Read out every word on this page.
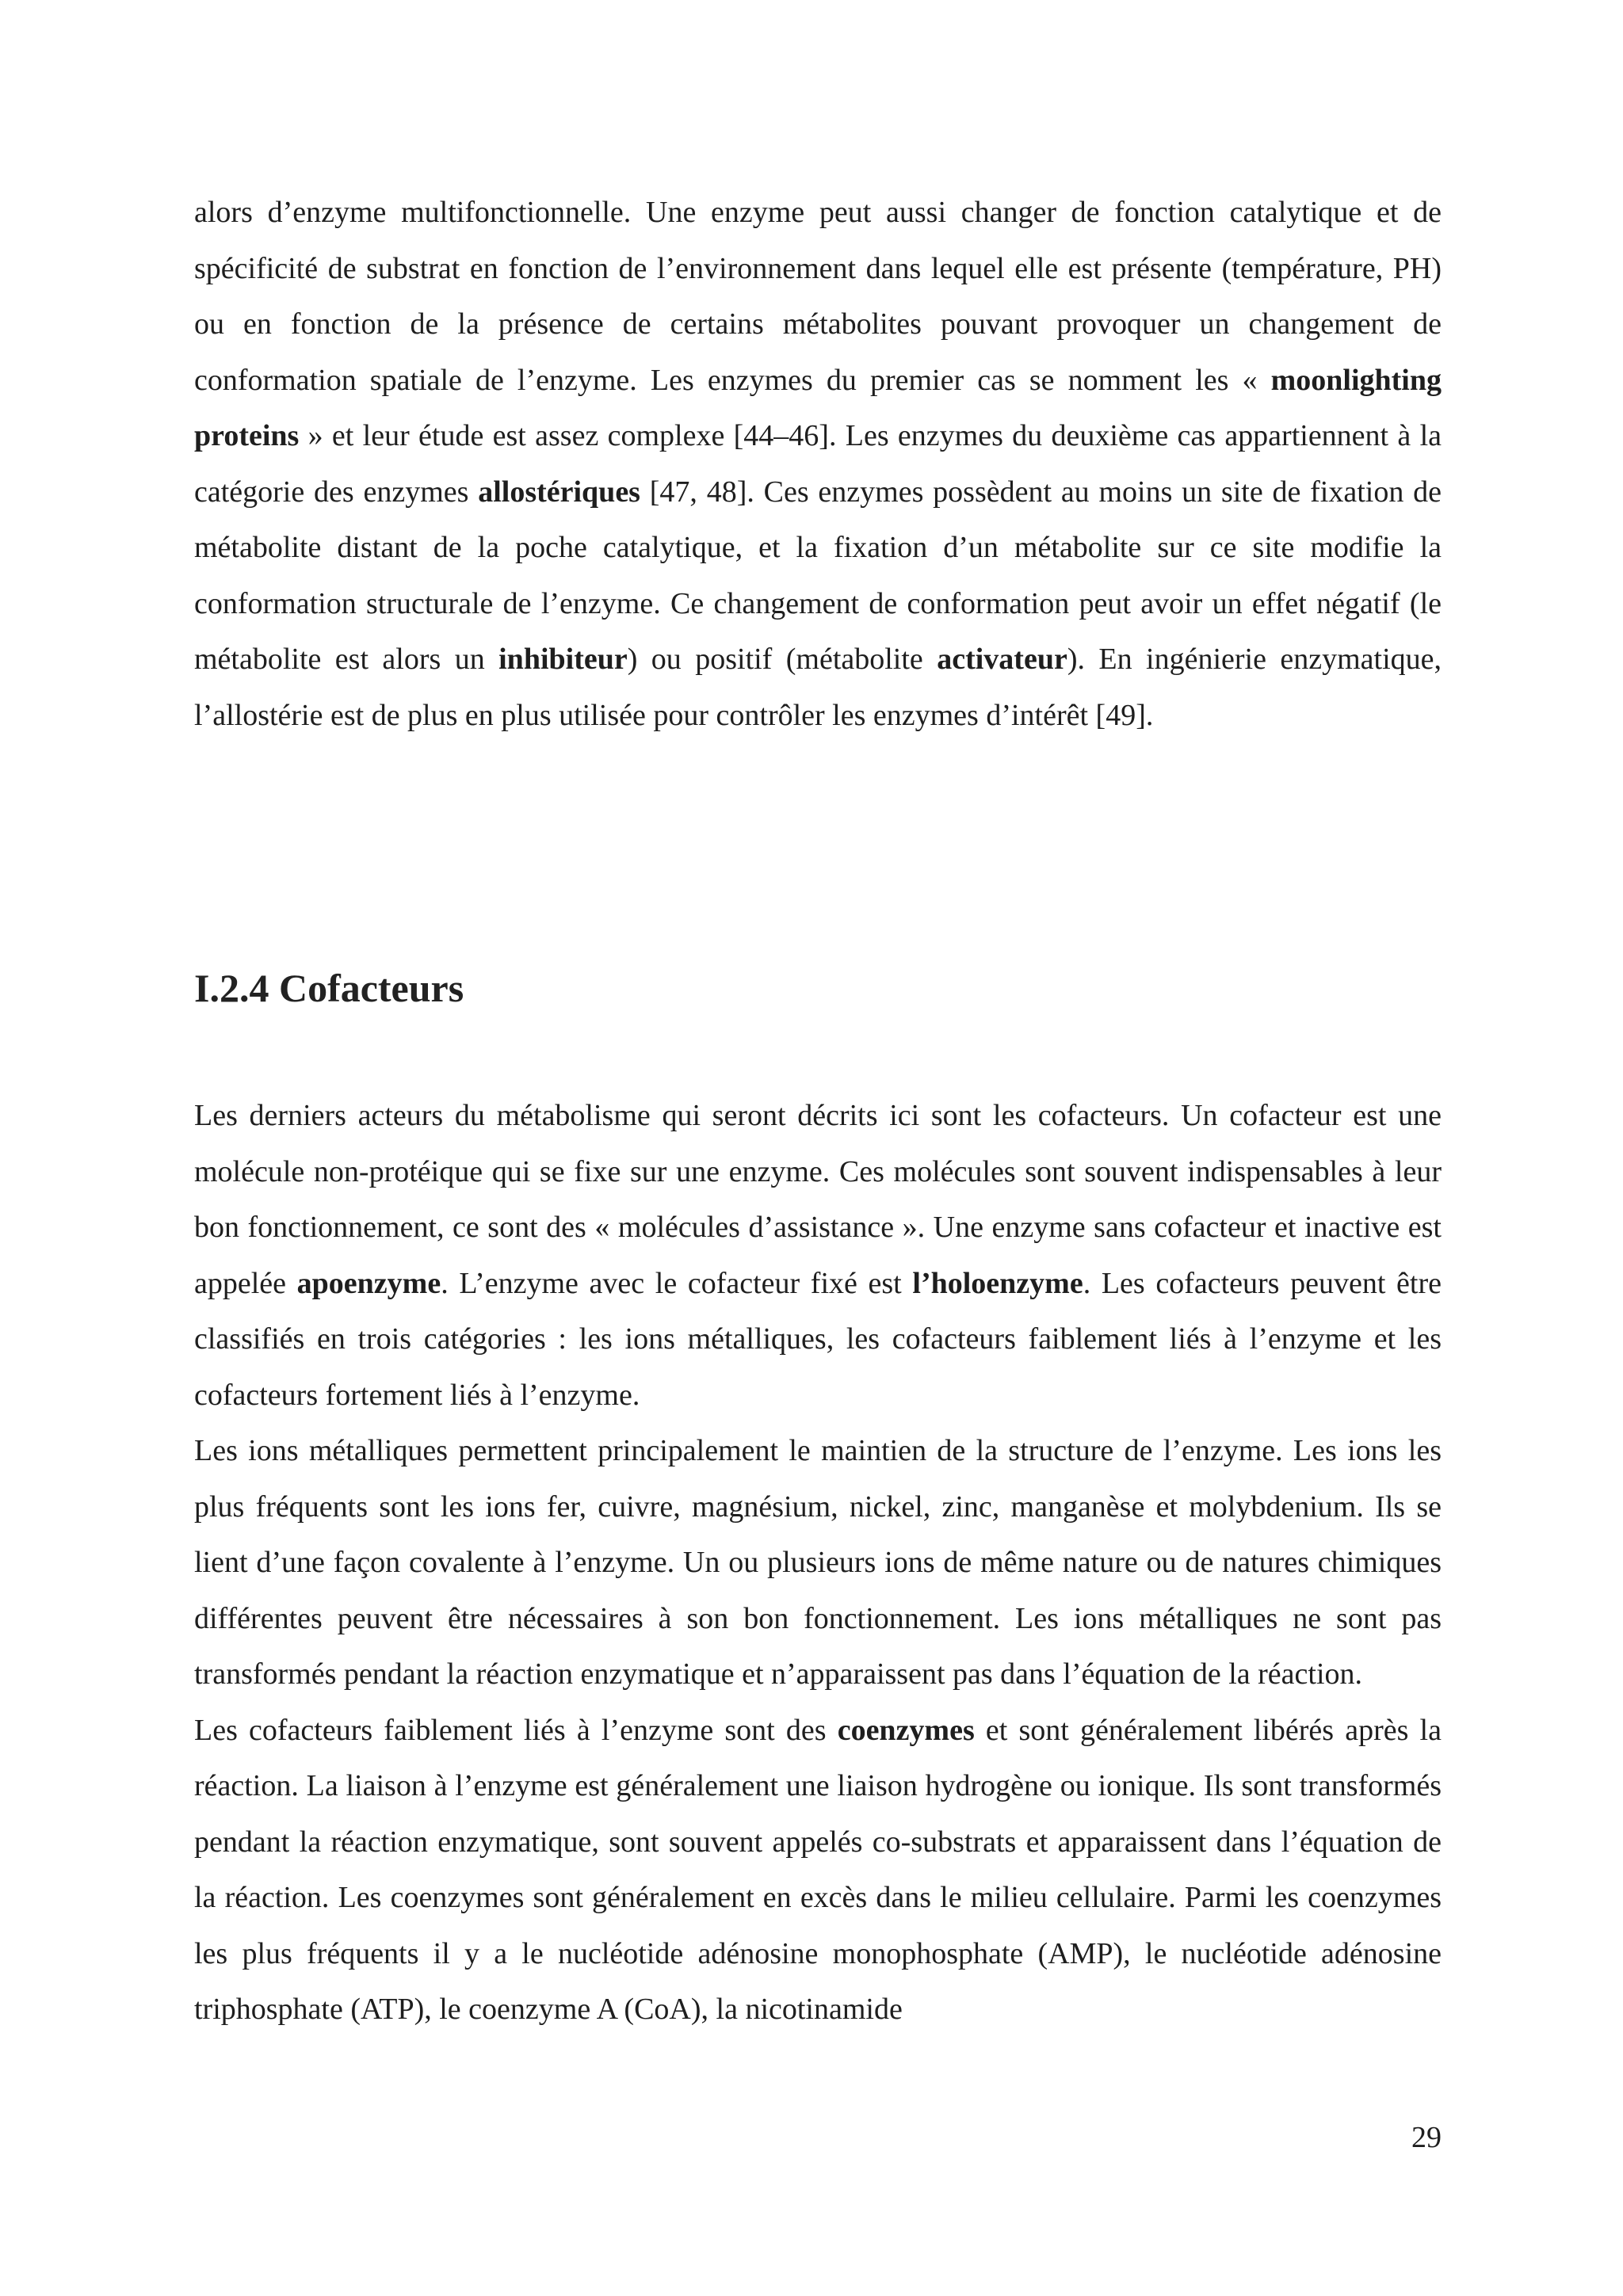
alors d’enzyme multifonctionnelle. Une enzyme peut aussi changer de fonction catalytique et de spécificité de substrat en fonction de l’environnement dans lequel elle est présente (température, PH) ou en fonction de la présence de certains métabolites pouvant provoquer un changement de conformation spatiale de l’enzyme. Les enzymes du premier cas se nomment les « moonlighting proteins » et leur étude est assez complexe [44–46]. Les enzymes du deuxième cas appartiennent à la catégorie des enzymes allostériques [47, 48]. Ces enzymes possèdent au moins un site de fixation de métabolite distant de la poche catalytique, et la fixation d’un métabolite sur ce site modifie la conformation structurale de l’enzyme. Ce changement de conformation peut avoir un effet négatif (le métabolite est alors un inhibiteur) ou positif (métabolite activateur). En ingénierie enzymatique, l’allostérie est de plus en plus utilisée pour contrôler les enzymes d’intérêt [49].

I.2.4 Cofacteurs

Les derniers acteurs du métabolisme qui seront décrits ici sont les cofacteurs. Un cofacteur est une molécule non-protéique qui se fixe sur une enzyme. Ces molécules sont souvent indispensables à leur bon fonctionnement, ce sont des « molécules d’assistance ». Une enzyme sans cofacteur et inactive est appelée apoenzyme. L’enzyme avec le cofacteur fixé est l’holoenzyme. Les cofacteurs peuvent être classifiés en trois catégories : les ions métalliques, les cofacteurs faiblement liés à l’enzyme et les cofacteurs fortement liés à l’enzyme.

Les ions métalliques permettent principalement le maintien de la structure de l’enzyme. Les ions les plus fréquents sont les ions fer, cuivre, magnésium, nickel, zinc, manganèse et molybdenium. Ils se lient d’une façon covalente à l’enzyme. Un ou plusieurs ions de même nature ou de natures chimiques différentes peuvent être nécessaires à son bon fonctionnement. Les ions métalliques ne sont pas transformés pendant la réaction enzymatique et n’apparaissent pas dans l’équation de la réaction.

Les cofacteurs faiblement liés à l’enzyme sont des coenzymes et sont généralement libérés après la réaction. La liaison à l’enzyme est généralement une liaison hydrogène ou ionique. Ils sont transformés pendant la réaction enzymatique, sont souvent appelés co-substrats et apparaissent dans l’équation de la réaction. Les coenzymes sont généralement en excès dans le milieu cellulaire. Parmi les coenzymes les plus fréquents il y a le nucléotide adénosine monophosphate (AMP), le nucléotide adénosine triphosphate (ATP), le coenzyme A (CoA), la nicotinamide

29
